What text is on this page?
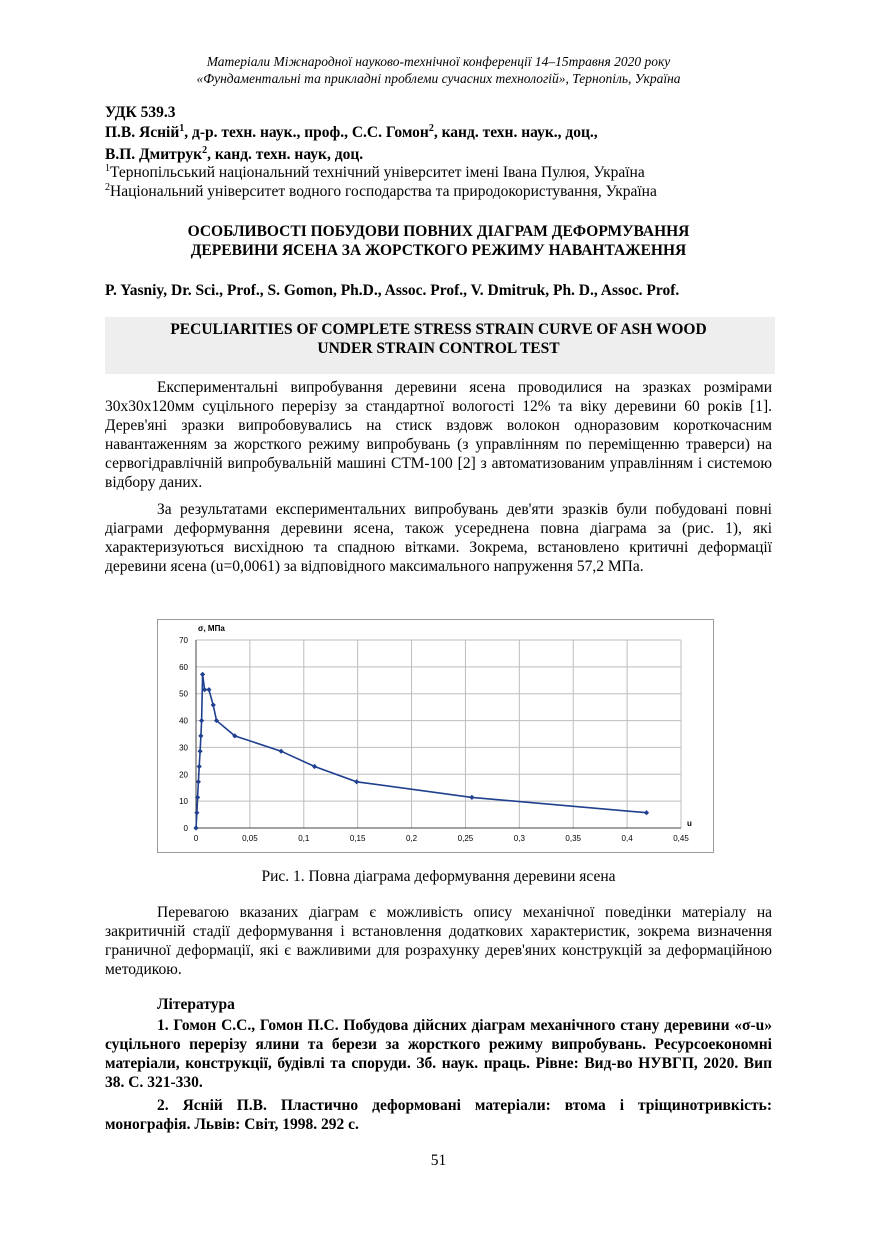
Матеріали Міжнародної науково-технічної конференції 14–15травня 2020 року
«Фундаментальні та прикладні проблеми сучасних технологій», Тернопіль, Україна
УДК 539.3
П.В. Ясній$^1$, д-р. техн. наук., проф., С.С. Гомон$^2$, канд. техн. наук., доц.,
В.П. Дмитрук$^2$, канд. техн. наук, доц.
$^1$Тернопільський національний технічний університет імені Івана Пулюя, Україна
$^2$Національний університет водного господарства та природокористування, Україна
ОСОБЛИВОСТІ ПОБУДОВИ ПОВНИХ ДІАГРАМ ДЕФОРМУВАННЯ
ДЕРЕВИНИ ЯСЕНА ЗА ЖОРСТКОГО РЕЖИМУ НАВАНТАЖЕННЯ
P. Yasniy, Dr. Sci., Prof., S. Gomon, Ph.D., Assoc. Prof., V. Dmitruk, Ph. D., Assoc. Prof.
PECULIARITIES OF COMPLETE STRESS STRAIN CURVE OF ASH WOOD
UNDER STRAIN CONTROL TEST
Експериментальні випробування деревини ясена проводилися на зразках розмірами 30х30х120мм суцільного перерізу за стандартної вологості 12% та віку деревини 60 років [1]. Дерев'яні зразки випробовувались на стиск вздовж волокон одноразовим короткочасним навантаженням за жорсткого режиму випробувань (з управлінням по переміщенню траверси) на сервогідравлічній випробувальній машині СТМ-100 [2] з автоматизованим управлінням і системою відбору даних.
За результатами експериментальних випробувань дев'яти зразків були побудовані повні діаграми деформування деревини ясена, також усереднена повна діаграма за (рис. 1), які характеризуються висхідною та спадною вітками. Зокрема, встановлено критичні деформації деревини ясена (u=0,0061) за відповідного максимального напруження 57,2 МПа.
0	0,05	0,1	0,15	0,2	0,25	0,3	0,35	0,4	0,45
0
10
20
30
40
50
60
70
σ, МПа
u
Рис. 1. Повна діаграма деформування деревини ясена
Перевагою вказаних діаграм є можливість опису механічної поведінки матеріалу на закритичній стадії деформування і встановлення додаткових характеристик, зокрема визначення граничної деформації, які є важливими для розрахунку дерев'яних конструкцій за деформаційною методикою.
Література
1. Гомон С.С., Гомон П.С. Побудова дійсних діаграм механічного стану деревини «σ-u» суцільного перерізу ялини та берези за жорсткого режиму випробувань. Ресурсоекономні матеріали, конструкції, будівлі та споруди. Зб. наук. праць. Рівне: Вид-во НУВГП, 2020. Вип 38. С. 321-330.
2. Ясній П.В. Пластично деформовані матеріали: втома і тріщинотривкість: монографія. Львів: Світ, 1998. 292 с.
51
